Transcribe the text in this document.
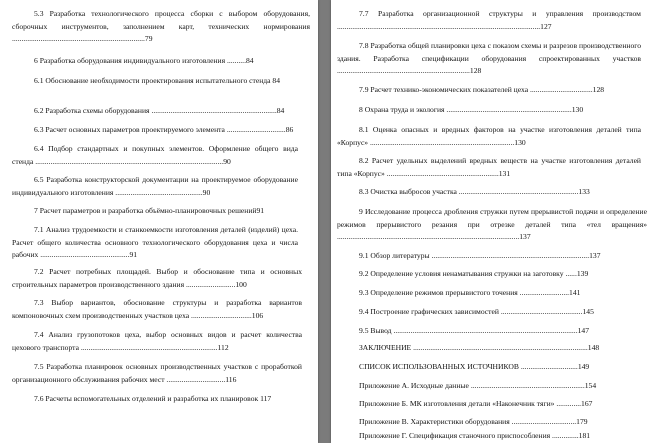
5.3 Разработка технологического процесса сборки с выбором оборудования, сборочных инструментов, заполнением карт, технических нормирования ......................................................................79
6 Разработка оборудования индивидуального изготовления ..........84
6.1 Обоснование необходимости проектирования испытательного стенда 84
6.2 Разработка схемы оборудования ..................................................................84
6.3 Расчет основных параметров проектируемого элемента ...............................86
6.4 Подбор стандартных и покупных элементов. Оформление общего вида стенда ...................................................................................................90
6.5 Разработка конструкторской документации на проектируемое оборудование индивидуального изготовления ..............................................90
7 Расчет параметров и разработка объёмно-планировочных решений91
7.1 Анализ трудоемкости и станкоемкости изготовления деталей (изделий) цеха. Расчет общего количества основного технологического оборудования цеха и числа рабочих ...............................................91
7.2 Расчет потребных площадей. Выбор и обоснование типа и основных строительных параметров производственного здания ..........................100
7.3 Выбор вариантов, обоснование структуры и разработка вариантов компоновочных схем производственных участков цеха ................................106
7.4 Анализ грузопотоков цеха, выбор основных видов и расчет количества цехового транспорта ........................................................................112
7.5 Разработка планировок основных производственных участков с проработкой организационного обслуживания рабочих мест ...............................116
7.6 Расчеты вспомогательных отделений и разработка их планировок 117
7.7 Разработка организационной структуры и управления производством ...........................................................................................................127
7.8 Разработка общей планировки цеха с показом схемы и разрезов производственного здания. Разработка спецификации оборудования спроектированных участков ......................................................................128
7.9 Расчет технико-экономических показателей цеха .................................128
8 Охрана труда и экология ..................................................................130
8.1 Оценка опасных и вредных факторов на участке изготовления деталей типа «Корпус» ............................................................................130
8.2 Расчет удельных выделений вредных веществ на участке изготовления деталей типа «Корпус» ...........................................................131
8.3 Очистка выбросов участка ...............................................................133
9 Исследование процесса дробления стружки путем прерывистой подачи и определение режимов прерывистого резания при отрезке деталей типа «тел вращения» ................................................................................................137
9.1 Обзор литературы ...................................................................................137
9.2 Определение условия ненаматывания стружки на заготовку ......139
9.3 Определение режимов прерывистого точения ..........................141
9.4 Построение графических зависимостей ...........................................145
9.5 Вывод .................................................................................................147
ЗАКЛЮЧЕНИЕ ............................................................................................148
СПИСОК ИСПОЛЬЗОВАННЫХ ИСТОЧНИКОВ ..............................149
Приложение А. Исходные данные ............................................................154
Приложение Б. МК изготовления детали «Наконечник тяги» .............167
Приложение В. Характеристики оборудования ..................................179
Приложение Г. Спецификация станочного приспособления ..............181
